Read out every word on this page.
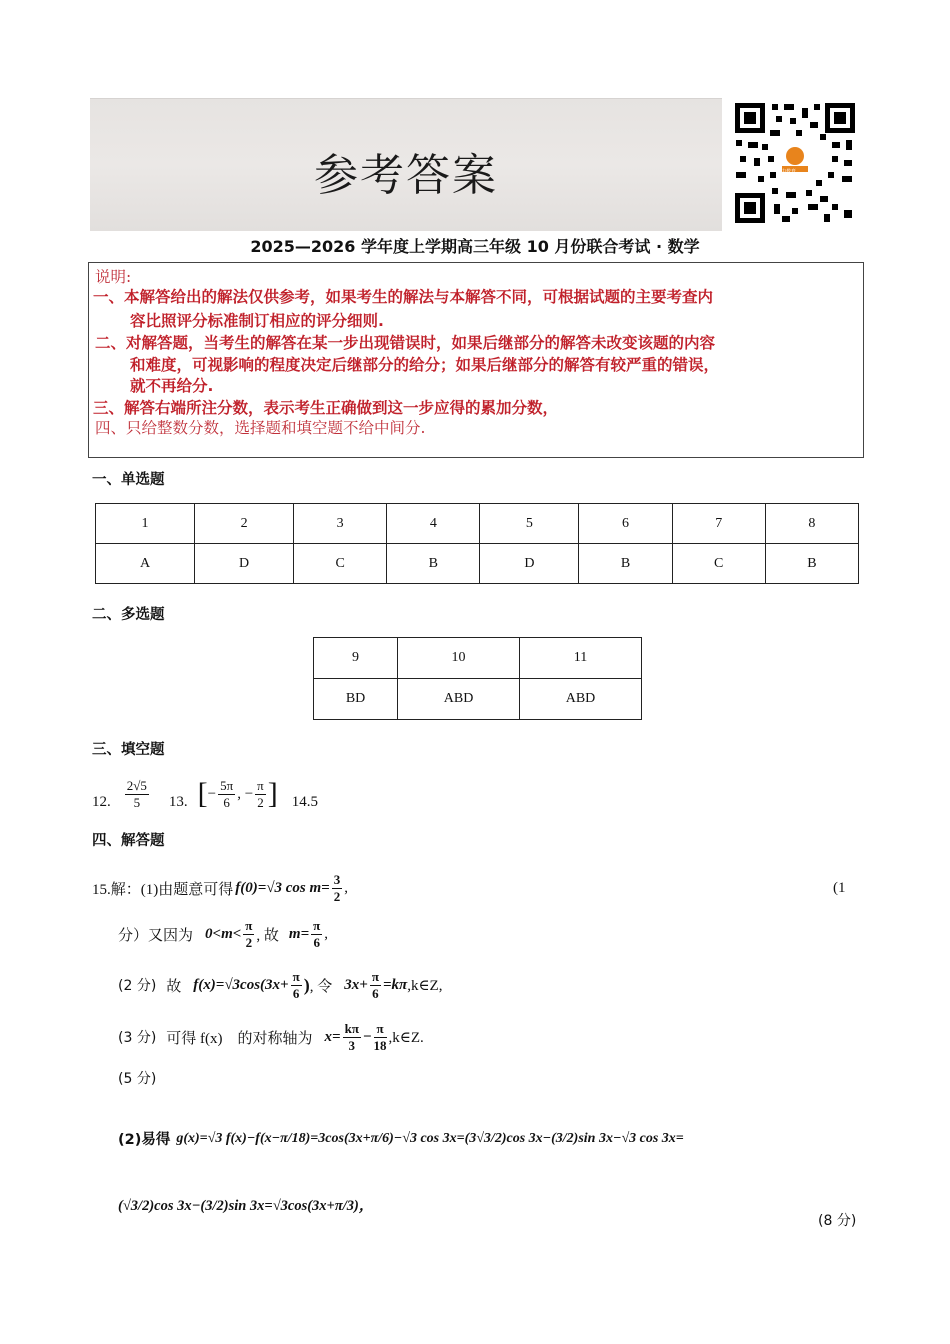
参考答案	华中教育
2025—2026 学年度上学期高三年级 10 月份联合考试 · 数学
说明:
一、本解答给出的解法仅供参考，如果考生的解法与本解答不同，可根据试题的主要考查内
容比照评分标准制订相应的评分细则.
二、对解答题，当考生的解答在某一步出现错误时，如果后继部分的解答未改变该题的内容
和难度，可视影响的程度决定后继部分的给分；如果后继部分的解答有较严重的错误，
就不再给分.
三、解答右端所注分数，表示考生正确做到这一步应得的累加分数，
四、只给整数分数，选择题和填空题不给中间分.
一、单选题
1	2	3	4	5	6	7	8
A	D	C	B	D	B	C	B
二、多选题
9	10	11
BD	ABD	ABD
三、填空题
12. $\frac{2√5}{5} 13$. [ − $\frac{5\pi}{6}$ , − $\frac{\pi}{2}$ ] 14.5
四、解答题
15.解：(1)由题意可得 f(0)=√3 $\cos m= \frac{3}{2}$ ,	(1
分）又因为 $0<m< \frac{\pi}{2}$ , 故 $m= \frac{\pi}{6}$ ,
(2 分) 故 $f(x)=√3\cos(3x+ \frac{\pi}{6}$ ) , 令 $3x+ \frac{\pi}{6} =k\pi$ ,k∈Z,
(3 分) 可得 f(x)　的对称轴为 $x= \frac{k\pi}{3} - \frac{\pi}{18}$ ,k∈Z.
(5 分)
(2)易得 g(x)=√3 f(x)−f(x−π/18)=3cos(3x+π/6)−√3 cos 3x=(3√3/2)cos 3x−(3/2)sin 3x−√3 cos 3x=
(√3/2)cos 3x−(3/2)sin 3x=√3cos(3x+π/3)，
(8 分)
